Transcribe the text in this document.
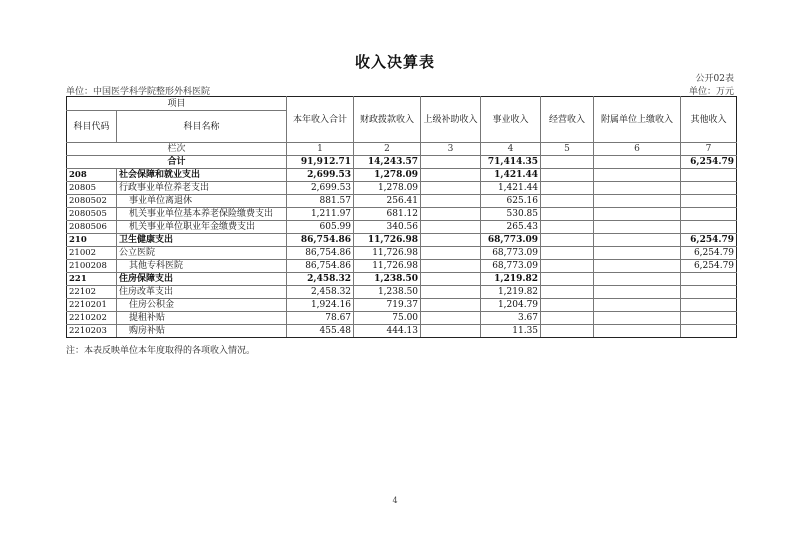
收入决算表
公开02表
单位：中国医学科学院整形外科医院	单位：万元
项目		本年收入合计	财政拨款收入	上级补助收入	事业收入	经营收入	附属单位上缴收入	其他收入
科目代码	科目名称							
栏次		1	2	3	4	5	6	7
合计		91,912.71	14,243.57		71,414.35			6,254.79
208	社会保障和就业支出	2,699.53	1,278.09		1,421.44			
20805	行政事业单位养老支出	2,699.53	1,278.09		1,421.44			
2080502	事业单位离退休	881.57	256.41		625.16			
2080505	机关事业单位基本养老保险缴费支出	1,211.97	681.12		530.85			
2080506	机关事业单位职业年金缴费支出	605.99	340.56		265.43			
210	卫生健康支出	86,754.86	11,726.98		68,773.09			6,254.79
21002	公立医院	86,754.86	11,726.98		68,773.09			6,254.79
2100208	其他专科医院	86,754.86	11,726.98		68,773.09			6,254.79
221	住房保障支出	2,458.32	1,238.50		1,219.82			
22102	住房改革支出	2,458.32	1,238.50		1,219.82			
2210201	住房公积金	1,924.16	719.37		1,204.79			
2210202	提租补贴	78.67	75.00		3.67			
2210203	购房补贴	455.48	444.13		11.35			
注：本表反映单位本年度取得的各项收入情况。
4
